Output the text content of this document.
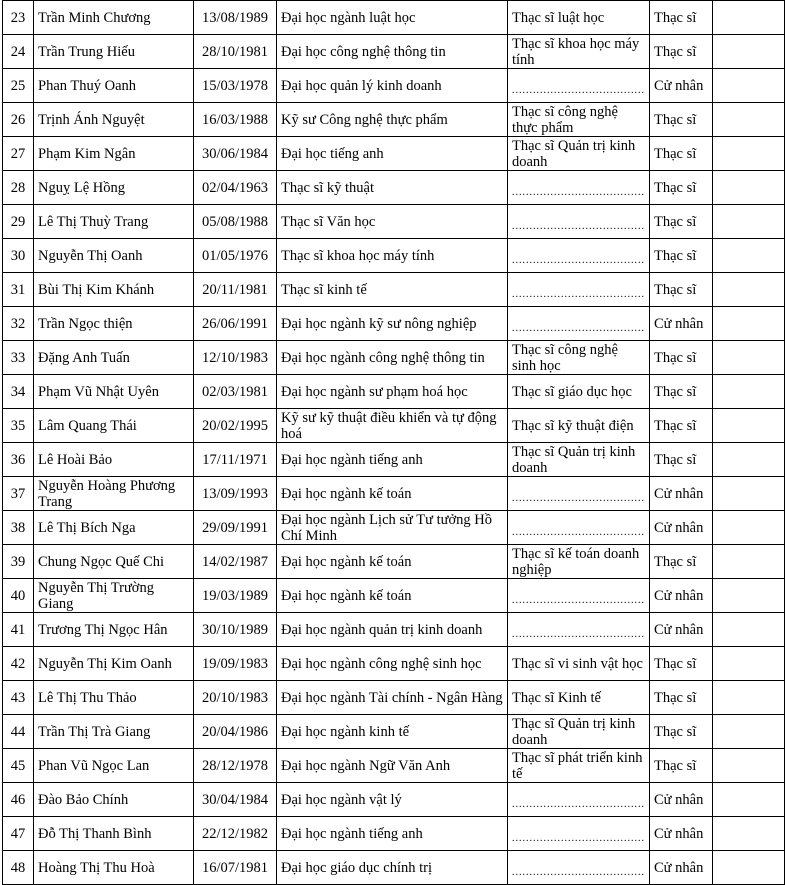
23	Trần Minh Chương	13/08/1989	Đại học ngành luật học	Thạc sĩ luật học	Thạc sĩ	
24	Trần Trung Hiếu	28/10/1981	Đại học công nghệ thông tin	Thạc sĩ khoa học máy tính	Thạc sĩ	
25	Phan Thuý Oanh	15/03/1978	Đại học quản lý kinh doanh	......................................	Cử nhân	
26	Trịnh Ánh Nguyệt	16/03/1988	Kỹ sư Công nghệ thực phẩm	Thạc sĩ công nghệ thực phẩm	Thạc sĩ	
27	Phạm Kim Ngân	30/06/1984	Đại học tiếng anh	Thạc sĩ Quản trị kinh doanh	Thạc sĩ	
28	Nguỵ Lệ Hồng	02/04/1963	Thạc sĩ kỹ thuật	......................................	Thạc sĩ	
29	Lê Thị Thuỳ Trang	05/08/1988	Thạc sĩ Văn học	......................................	Thạc sĩ	
30	Nguyễn Thị Oanh	01/05/1976	Thạc sĩ khoa học máy tính	......................................	Thạc sĩ	
31	Bùi Thị Kim Khánh	20/11/1981	Thạc sĩ kinh tế	......................................	Thạc sĩ	
32	Trần Ngọc thiện	26/06/1991	Đại học ngành kỹ sư nông nghiệp	......................................	Cử nhân	
33	Đặng Anh Tuấn	12/10/1983	Đại học ngành công nghệ thông tin	Thạc sĩ công nghệ sinh học	Thạc sĩ	
34	Phạm Vũ Nhật Uyên	02/03/1981	Đại học ngành sư phạm hoá học	Thạc sĩ giáo dục học	Thạc sĩ	
35	Lâm Quang Thái	20/02/1995	Kỹ sư kỹ thuật điều khiển và tự động hoá	Thạc sĩ kỹ thuật điện	Thạc sĩ	
36	Lê Hoài Bảo	17/11/1971	Đại học ngành tiếng anh	Thạc sĩ Quản trị kinh doanh	Thạc sĩ	
37	Nguyễn Hoàng Phương Trang	13/09/1993	Đại học ngành kế toán	......................................	Cử nhân	
38	Lê Thị Bích Nga	29/09/1991	Đại học ngành Lịch sử Tư tưởng Hồ Chí Minh	......................................	Cử nhân	
39	Chung Ngọc Quế Chi	14/02/1987	Đại học ngành kế toán	Thạc sĩ kế toán doanh nghiệp	Thạc sĩ	
40	Nguyễn Thị Trường Giang	19/03/1989	Đại học ngành kế toán	......................................	Cử nhân	
41	Trương Thị Ngọc Hân	30/10/1989	Đại học ngành quản trị kinh doanh	......................................	Cử nhân	
42	Nguyễn Thị Kim Oanh	19/09/1983	Đại học ngành công nghệ sinh học	Thạc sĩ vi sinh vật học	Thạc sĩ	
43	Lê Thị Thu Thảo	20/10/1983	Đại học ngành Tài chính - Ngân Hàng	Thạc sĩ Kinh tế	Thạc sĩ	
44	Trần Thị Trà Giang	20/04/1986	Đại học ngành kinh tế	Thạc sĩ Quản trị kinh doanh	Thạc sĩ	
45	Phan Vũ Ngọc Lan	28/12/1978	Đại học ngành Ngữ Văn Anh	Thạc sĩ phát triển kinh tế	Thạc sĩ	
46	Đào Bảo Chính	30/04/1984	Đại học ngành vật lý	......................................	Cử nhân	
47	Đỗ Thị Thanh Bình	22/12/1982	Đại học ngành tiếng anh	......................................	Cử nhân	
48	Hoàng Thị Thu Hoà	16/07/1981	Đại học giáo dục chính trị	......................................	Cử nhân	
